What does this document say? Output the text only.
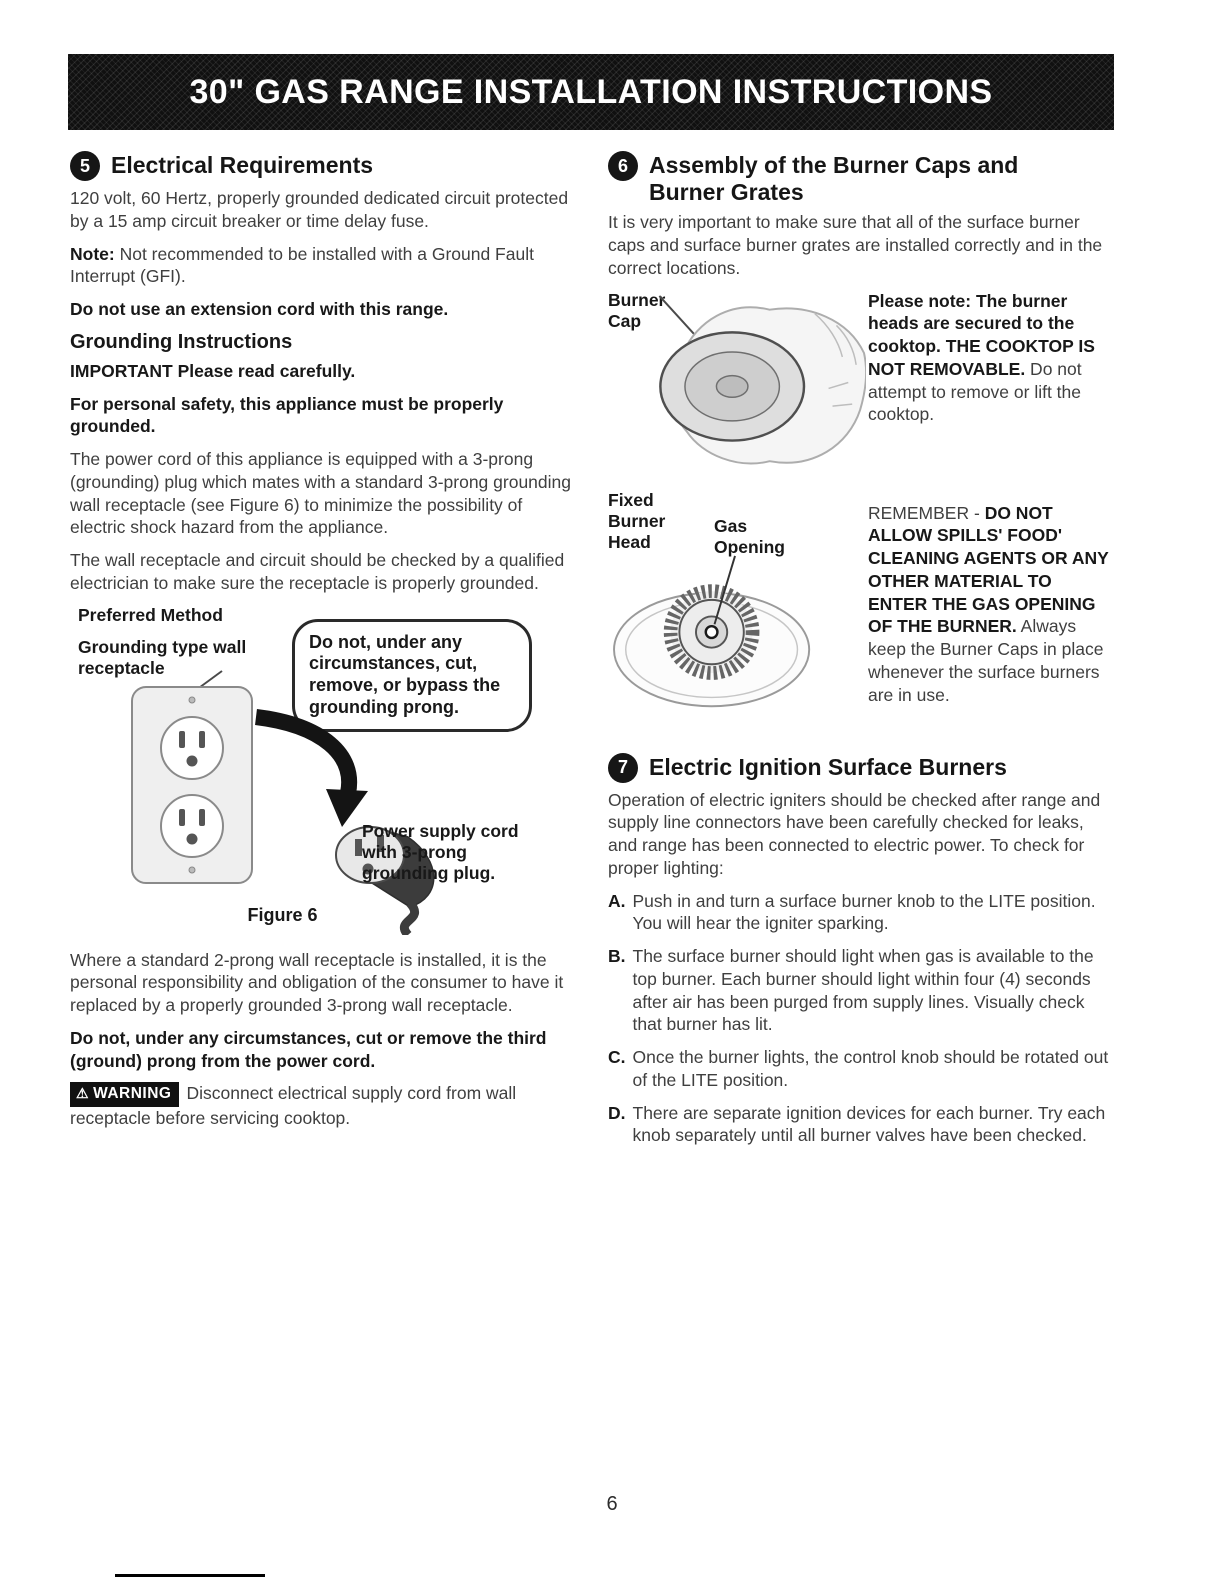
30" GAS RANGE INSTALLATION INSTRUCTIONS
5 Electrical Requirements

120 volt, 60 Hertz, properly grounded dedicated circuit protected by a 15 amp circuit breaker or time delay fuse.

Note: Not recommended to be installed with a Ground Fault Interrupt (GFI).

Do not use an extension cord with this range.

Grounding Instructions

IMPORTANT Please read carefully.

For personal safety, this appliance must be properly grounded.

The power cord of this appliance is equipped with a 3-prong (grounding) plug which mates with a standard 3-prong grounding wall receptacle (see Figure 6) to minimize the possibility of electric shock hazard from the appliance.

The wall receptacle and circuit should be checked by a qualified electrician to make sure the receptacle is properly grounded.

Preferred Method
Grounding type wall receptacle
Do not, under any circumstances, cut, remove, or bypass the grounding prong.
Power supply cord with 3-prong grounding plug.
Figure 6

Where a standard 2-prong wall receptacle is installed, it is the personal responsibility and obligation of the consumer to have it replaced by a properly grounded 3-prong wall receptacle.

Do not, under any circumstances, cut or remove the third (ground) prong from the power cord.

⚠ WARNING Disconnect electrical supply cord from wall receptacle before servicing cooktop.

6 Assembly of the Burner Caps and Burner Grates

It is very important to make sure that all of the surface burner caps and surface burner grates are installed correctly and in the correct locations.

Burner Cap
Please note: The burner heads are secured to the cooktop. THE COOKTOP IS NOT REMOVABLE. Do not attempt to remove or lift the cooktop.
Fixed Burner Head
Gas Opening
REMEMBER - DO NOT ALLOW SPILLS' FOOD' CLEANING AGENTS OR ANY OTHER MATERIAL TO ENTER THE GAS OPENING OF THE BURNER. Always keep the Burner Caps in place whenever the surface burners are in use.
7 Electric Ignition Surface Burners

Operation of electric igniters should be checked after range and supply line connectors have been carefully checked for leaks, and range has been connected to electric power. To check for proper lighting:

A. Push in and turn a surface burner knob to the LITE position. You will hear the igniter sparking.
B. The surface burner should light when gas is available to the top burner. Each burner should light within four (4) seconds after air has been purged from supply lines. Visually check that burner has lit.
C. Once the burner lights, the control knob should be rotated out of the LITE position.
D. There are separate ignition devices for each burner. Try each knob separately until all burner valves have been checked.
6
